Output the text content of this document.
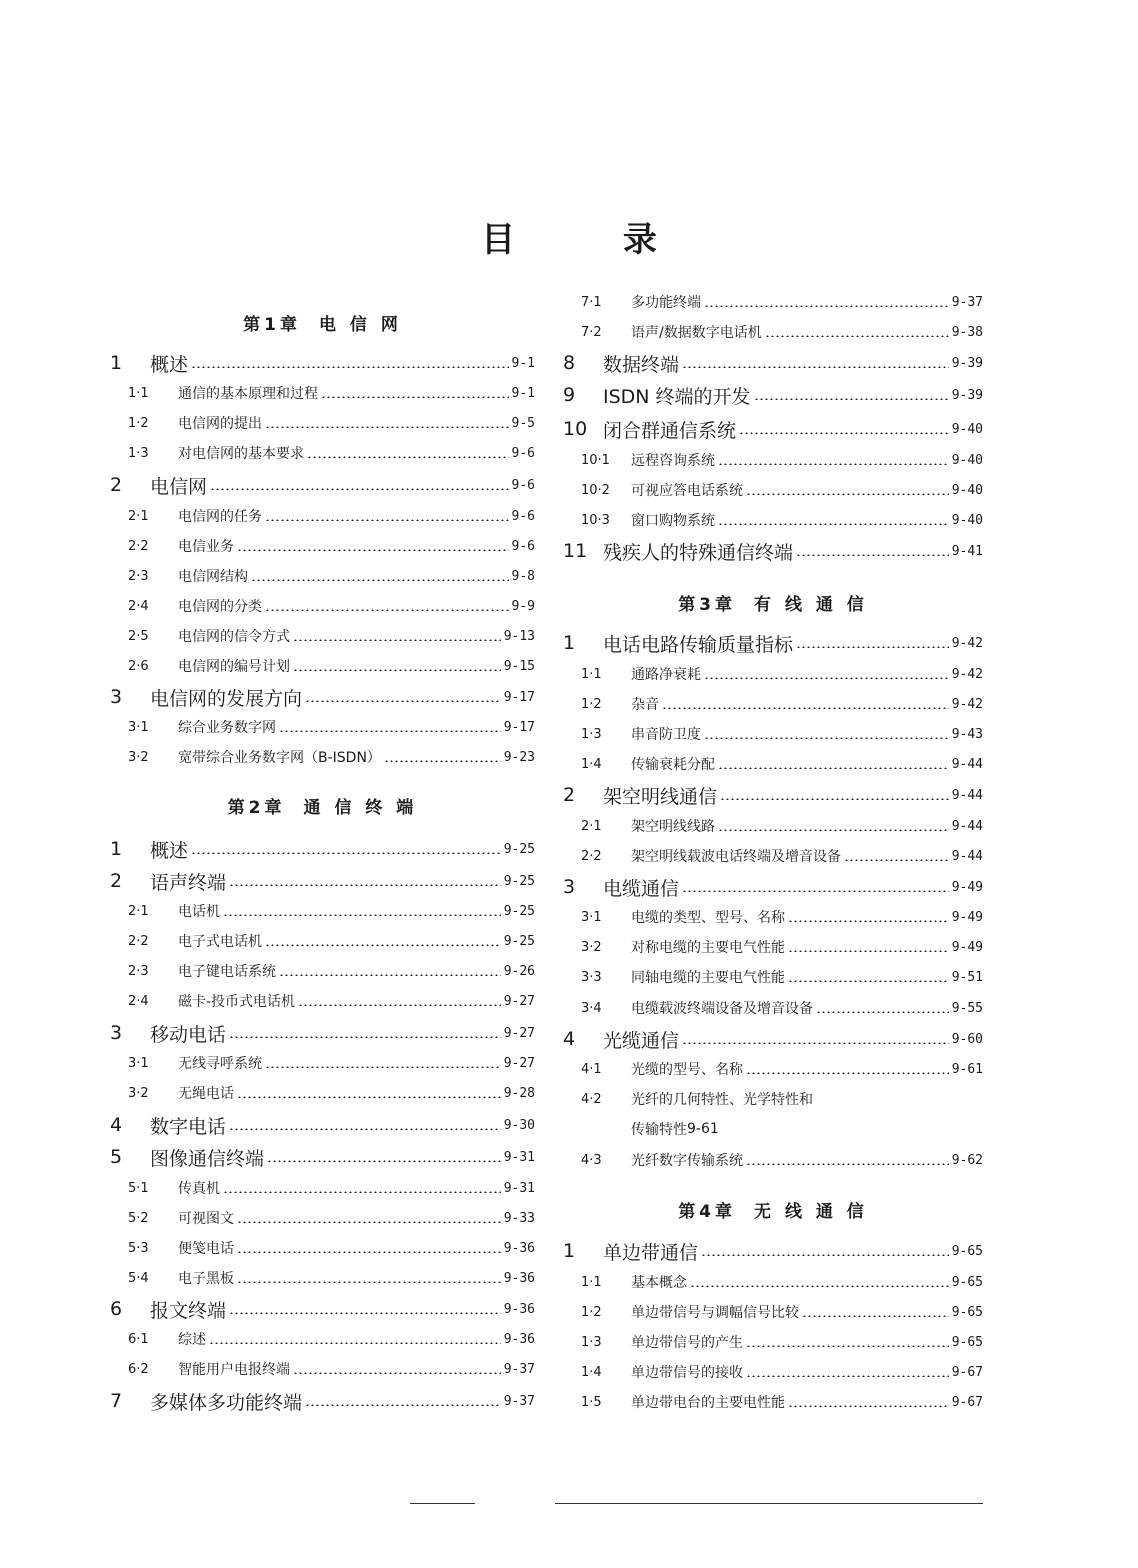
目 录
第1章 电 信 网
第2章 通 信 终 端
1	概述	9-1
1·1	通信的基本原理和过程	9-1
1·2	电信网的提出	9-5
1·3	对电信网的基本要求	9-6
2	电信网	9-6
2·1	电信网的任务	9-6
2·2	电信业务	9-6
2·3	电信网结构	9-8
2·4	电信网的分类	9-9
2·5	电信网的信令方式	9-13
2·6	电信网的编号计划	9-15
3	电信网的发展方向	9-17
3·1	综合业务数字网	9-17
3·2	宽带综合业务数字网（B-ISDN）	9-23
1	概述	9-25
2	语声终端	9-25
2·1	电话机	9-25
2·2	电子式电话机	9-25
2·3	电子键电话系统	9-26
2·4	磁卡-投币式电话机	9-27
3	移动电话	9-27
3·1	无线寻呼系统	9-27
3·2	无绳电话	9-28
4	数字电话	9-30
5	图像通信终端	9-31
5·1	传真机	9-31
5·2	可视图文	9-33
5·3	便笺电话	9-36
5·4	电子黑板	9-36
6	报文终端	9-36
6·1	综述	9-36
6·2	智能用户电报终端	9-37
7	多媒体多功能终端	9-37
第3章 有 线 通 信
第4章 无 线 通 信
7·1	多功能终端	9-37
7·2	语声/数据数字电话机	9-38
8	数据终端	9-39
9	ISDN 终端的开发	9-39
10 闭合群通信系统	9-40
10·1	远程咨询系统	9-40
10·2	可视应答电话系统	9-40
10·3	窗口购物系统	9-40
11 残疾人的特殊通信终端	9-41
1	电话电路传输质量指标	9-42
1·1	通路净衰耗	9-42
1·2	杂音	9-42
1·3	串音防卫度	9-43
1·4	传输衰耗分配	9-44
2	架空明线通信	9-44
2·1	架空明线线路	9-44
2·2	架空明线载波电话终端及增音设备	9-44
3	电缆通信	9-49
3·1	电缆的类型、型号、名称	9-49
3·2	对称电缆的主要电气性能	9-49
3·3	同轴电缆的主要电气性能	9-51
3·4	电缆载波终端设备及增音设备	9-55
4	光缆通信	9-60
4·1	光缆的型号、名称	9-61
4·2	光纤的几何特性、光学特性和
传输特性 9-61
4·3	光纤数字传输系统	9-62
1	单边带通信	9-65
1·1	基本概念	9-65
1·2	单边带信号与调幅信号比较	9-65
1·3	单边带信号的产生	9-65
1·4	单边带信号的接收	9-67
1·5	单边带电台的主要电性能	9-67
